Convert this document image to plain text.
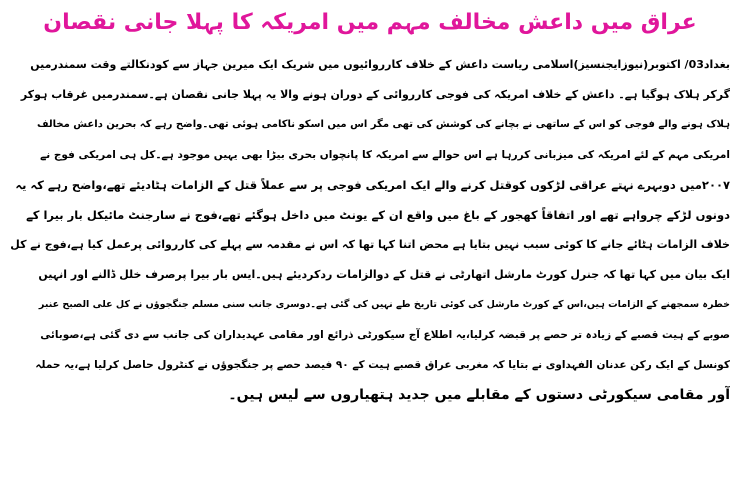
عراق میں داعش مخالف مہم میں امریکہ کا پہلا جانی نقصان
بغداد03/ اکتوبر(نیوزایجنسیز)اسلامی ریاست داعش کے خلاف کارروائیوں میں شریک ایک میرین جہاز سے کودنکالتے وقت سمندرمیں
گرکر ہلاک ہوگیا ہے۔ داعش کے خلاف امریکہ کی فوجی کارروائی کے دوران ہونے والا یہ پہلا جانی نقصان ہے۔سمندرمیں غرقاب ہوکر
ہلاک ہونے والے فوجی کو اس کے ساتھی نے بچانے کی کوشش کی تھی مگر اس میں اسکو ناکامی ہوئی تھی۔واضح رہے کہ بحرین داعش مخالف
امریکی مہم کے لئے امریکہ کی میزبانی کررہا ہے اس حوالے سے امریکہ کا پانچواں بحری بیڑا بھی یہیں موجود ہے۔کل ہی امریکی فوج نے
۲۰۰۷میں دوبہرے نہتے عراقی لڑکوں کوقتل کرنے والے ایک امریکی فوجی پر سے عملاً قتل کے الزامات ہٹادیئے تھے،واضح رہے کہ یہ
دونوں لڑکے چرواہے تھے اور اتفاقاً کھجور کے باغ میں واقع ان کے یونٹ میں داخل ہوگئے تھے،فوج نے سارجنٹ مائیکل بار بیرا کے
خلاف الزامات ہٹائے جانے کا کوئی سبب نہیں بتایا ہے محض اتنا کہا تھا کہ اس نے مقدمہ سے پہلے کی کارروائی پرعمل کیا ہے،فوج نے کل
ایک بیان میں کہا تھا کہ جنرل کورٹ مارشل اتھارٹی نے قتل کے دوالزامات ردکردیئے ہیں۔ایس بار بیرا پرصرف خلل ڈالنے اور انہیں
خطرہ سمجھنے کے الزامات ہیں،اس کے کورٹ مارشل کی کوئی تاریخ طے نہیں کی گئی ہے۔دوسری جانب سنی مسلم جنگجوؤں نے کل علی الصبح عنبر
صوبے کے ہیت قصبے کے زیادہ تر حصے پر قبضہ کرلیا،یہ اطلاع آج سیکورٹی ذرائع اور مقامی عہدیداران کی جانب سے دی گئی ہے،صوبائی
کونسل کے ایک رکن عدنان الفہداوی نے بتایا کہ مغربی عراق قصبے ہیت کے ۹۰ فیصد حصے پر جنگجوؤں نے کنٹرول حاصل کرلیا ہے،یہ حملہ
آور مقامی سیکورٹی دستوں کے مقابلے میں جدید ہتھیاروں سے لیس ہیں۔
